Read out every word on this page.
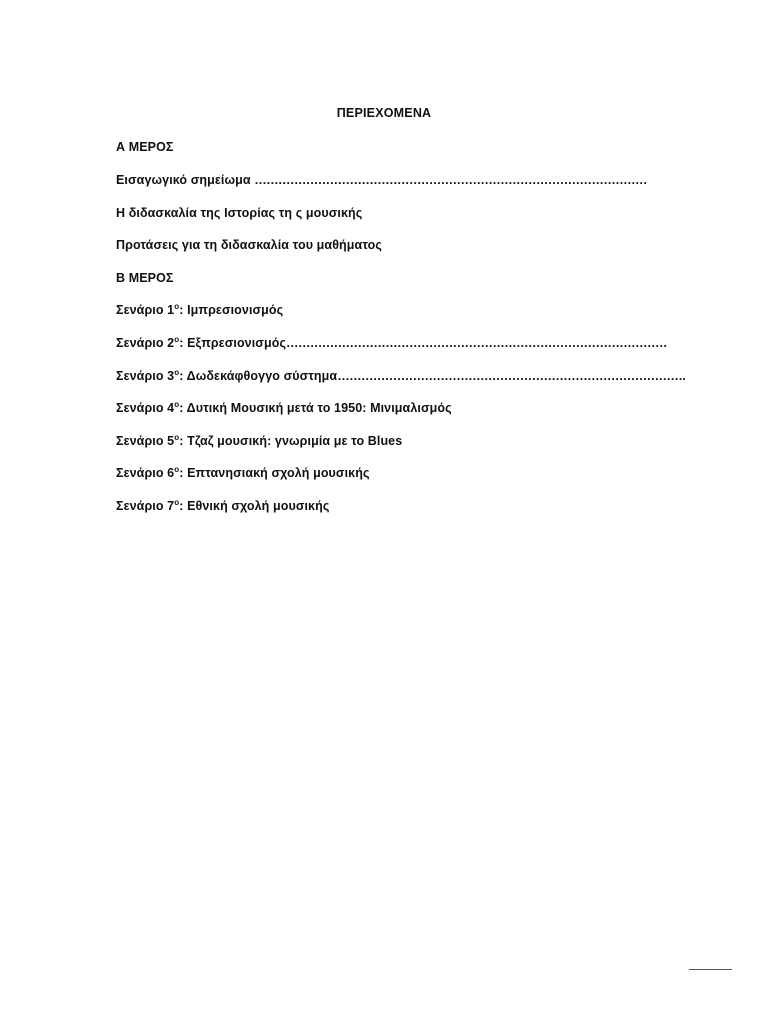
ΠΕΡΙΕΧΟΜΕΝΑ
Α ΜΕΡΟΣ
Εισαγωγικό σημείωμα ………………………………………………………………………………………
Η διδασκαλία της Ιστορίας τη ς μουσικής
Προτάσεις για τη διδασκαλία του μαθήματος
Β ΜΕΡΟΣ
Σενάριο $1^o$: Ιμπρεσιονισμός
Σενάριο $2^o$: Εξπρεσιονισμός……………………………………………………………………………………
Σενάριο $3^o$: Δωδεκάφθογγο σύστημα…………………………………………………………………………….
Σενάριο $4^o$: Δυτική Μουσική μετά το 1950: Μινιμαλισμός
Σενάριο $5^o$: Τζαζ μουσική: γνωριμία με το Blues
Σενάριο $6^o$: Επτανησιακή σχολή μουσικής
Σενάριο $7^o$: Εθνική σχολή μουσικής
